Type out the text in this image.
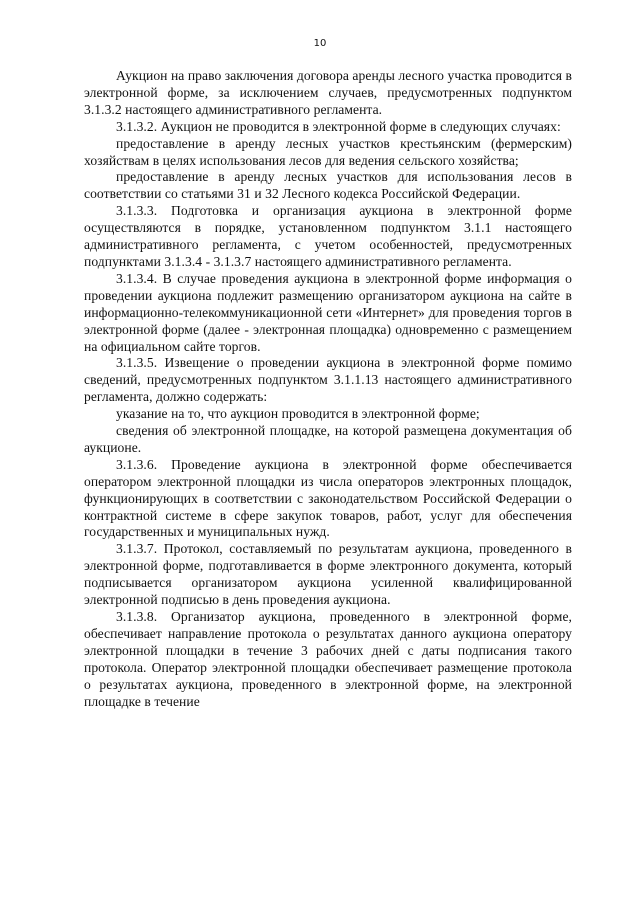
10

Аукцион на право заключения договора аренды лесного участка проводится в электронной форме, за исключением случаев, предусмотренных подпунктом 3.1.3.2 настоящего административного регламента.

3.1.3.2. Аукцион не проводится в электронной форме в следующих случаях:

предоставление в аренду лесных участков крестьянским (фермерским) хозяйствам в целях использования лесов для ведения сельского хозяйства;

предоставление в аренду лесных участков для использования лесов в соответствии со статьями 31 и 32 Лесного кодекса Российской Федерации.

3.1.3.3. Подготовка и организация аукциона в электронной форме осуществляются в порядке, установленном подпунктом 3.1.1 настоящего административного регламента, с учетом особенностей, предусмотренных подпунктами 3.1.3.4 - 3.1.3.7 настоящего административного регламента.

3.1.3.4. В случае проведения аукциона в электронной форме информация о проведении аукциона подлежит размещению организатором аукциона на сайте в информационно-телекоммуникационной сети «Интернет» для проведения торгов в электронной форме (далее - электронная площадка) одновременно с размещением на официальном сайте торгов.

3.1.3.5. Извещение о проведении аукциона в электронной форме помимо сведений, предусмотренных подпунктом 3.1.1.13 настоящего административного регламента, должно содержать:

указание на то, что аукцион проводится в электронной форме;

сведения об электронной площадке, на которой размещена документация об аукционе.

3.1.3.6. Проведение аукциона в электронной форме обеспечивается оператором электронной площадки из числа операторов электронных площадок, функционирующих в соответствии с законодательством Российской Федерации о контрактной системе в сфере закупок товаров, работ, услуг для обеспечения государственных и муниципальных нужд.

3.1.3.7. Протокол, составляемый по результатам аукциона, проведенного в электронной форме, подготавливается в форме электронного документа, который подписывается организатором аукциона усиленной квалифицированной электронной подписью в день проведения аукциона.

3.1.3.8. Организатор аукциона, проведенного в электронной форме, обеспечивает направление протокола о результатах данного аукциона оператору электронной площадки в течение 3 рабочих дней с даты подписания такого протокола. Оператор электронной площадки обеспечивает размещение протокола о результатах аукциона, проведенного в электронной форме, на электронной площадке в течение
